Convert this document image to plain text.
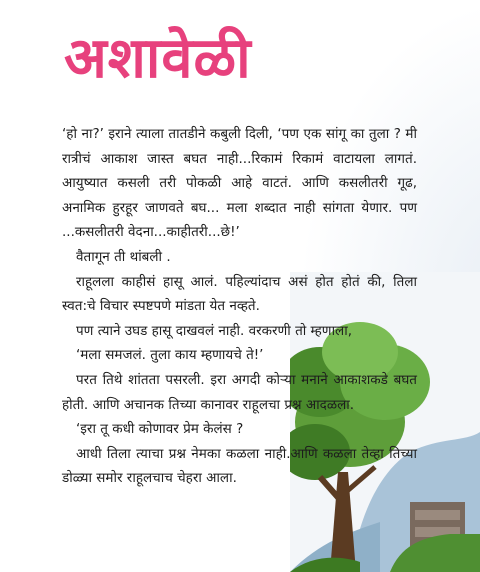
अशावेळी

‘हो ना?’ इराने त्याला तातडीने कबुली दिली, ‘पण एक सांगू का तुला ? मी रात्रीचं आकाश जास्त बघत नाही...रिकामं रिकामं वाटायला लागतं. आयुष्यात कसली तरी पोकळी आहे वाटतं. आणि कसलीतरी गूढ, अनामिक हुरहूर जाणवते बघ... मला शब्दात नाही सांगता येणार. पण ...कसलीतरी वेदना...काहीतरी...छे!’

वैतागून ती थांबली .

राहूलला काहीसं हासू आलं. पहिल्यांदाच असं होत होतं की, तिला स्वत:चे विचार स्पष्टपणे मांडता येत नव्हते.

पण त्याने उघड हासू दाखवलं नाही. वरकरणी तो म्हणाला,

‘मला समजलं. तुला काय म्हणायचे ते!’

परत तिथे शांतता पसरली. इरा अगदी कोऱ्या मनाने आकाशकडे बघत होती. आणि अचानक तिच्या कानावर राहूलचा प्रश्न आदळला.

‘इरा तू कधी कोणावर प्रेम केलंस ?

आधी तिला त्याचा प्रश्न नेमका कळला नाही.आणि कळला तेव्हा तिच्या डोळ्या समोर राहूलचाच चेहरा आला.
